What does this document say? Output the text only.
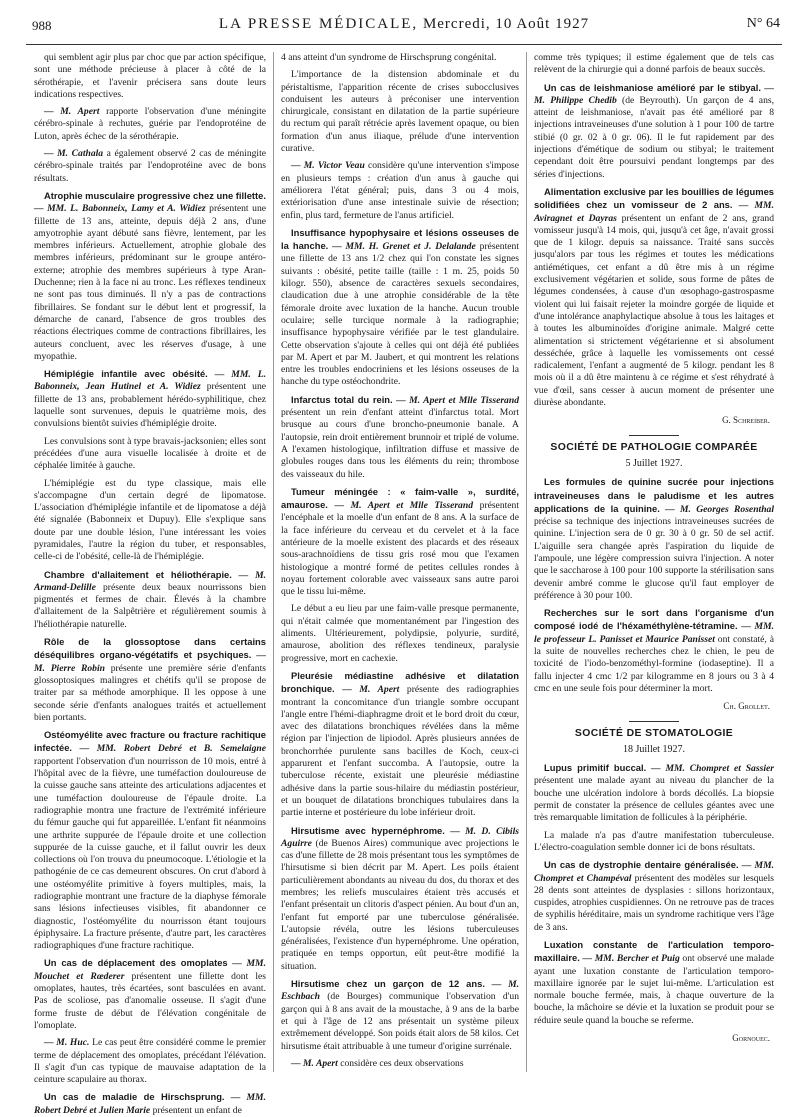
988	LA PRESSE MÉDICALE, Mercredi, 10 Août 1927	N° 64

qui semblent agir plus par choc que par action spécifique, sont une méthode précieuse à placer à côté de la sérothérapie, et l'avenir précisera sans doute leurs indications respectives.

— M. Apert rapporte l'observation d'une méningite cérébro-spinale à rechutes, guérie par l'endoprotéine de Luton, après échec de la sérothérapie.

— M. Cathala a également observé 2 cas de méningite cérébro-spinale traités par l'endoprotéine avec de bons résultats.

Atrophie musculaire progressive chez une fillette. — MM. L. Babonneix, Lamy et A. Widiez présentent une fillette de 13 ans, atteinte, depuis déjà 2 ans, d'une amyotrophie ayant débuté sans fièvre, lentement, par les membres inférieurs. Actuellement, atrophie globale des membres inférieurs, prédominant sur le groupe antéro-externe; atrophie des membres supérieurs à type Aran-Duchenne; rien à la face ni au tronc. Les réflexes tendineux ne sont pas tous diminués. Il n'y a pas de contractions fibrillaires. Se fondant sur le début lent et progressif, la démarche de canard, l'absence de gros troubles des réactions électriques comme de contractions fibrillaires, les auteurs concluent, avec les réserves d'usage, à une myopathie.

Hémiplégie infantile avec obésité. — MM. L. Babonneix, Jean Hutinel et A. Widiez présentent une fillette de 13 ans, probablement hérédo-syphilitique, chez laquelle sont survenues, depuis le quatrième mois, des convulsions bientôt suivies d'hémiplégie droite.

Les convulsions sont à type bravais-jacksonien; elles sont précédées d'une aura visuelle localisée à droite et de céphalée limitée à gauche.

L'hémiplégie est du type classique, mais elle s'accompagne d'un certain degré de lipomatose. L'association d'hémiplégie infantile et de lipomatose a déjà été signalée (Babonneix et Dupuy). Elle s'explique sans doute par une double lésion, l'une intéressant les voies pyramidales, l'autre la région du tuber, et responsables, celle-ci de l'obésité, celle-là de l'hémiplégie.

Chambre d'allaitement et héliothérapie. — M. Armand-Delille présente deux beaux nourrissons bien pigmentés et fermes de chair. Élevés à la chambre d'allaitement de la Salpêtrière et régulièrement soumis à l'héliothérapie naturelle.

Rôle de la glossoptose dans certains déséquilibres organo-végétatifs et psychiques. — M. Pierre Robin présente une première série d'enfants glossoptosiques malingres et chétifs qu'il se propose de traiter par sa méthode amorphique. Il les oppose à une seconde série d'enfants analogues traités et actuellement bien portants.

Ostéomyélite avec fracture ou fracture rachitique infectée. — MM. Robert Debré et B. Semelaigne rapportent l'observation d'un nourrisson de 10 mois, entré à l'hôpital avec de la fièvre, une tuméfaction douloureuse de la cuisse gauche sans atteinte des articulations adjacentes et une tuméfaction douloureuse de l'épaule droite. La radiographie montra une fracture de l'extrémité inférieure du fémur gauche qui fut appareillée. L'enfant fit néanmoins une arthrite suppurée de l'épaule droite et une collection suppurée de la cuisse gauche, et il fallut ouvrir les deux collections où l'on trouva du pneumocoque. L'étiologie et la pathogénie de ce cas demeurent obscures. On crut d'abord à une ostéomyélite primitive à foyers multiples, mais, la radiographie montrant une fracture de la diaphyse fémorale sans lésions infectieuses visibles, fit abandonner ce diagnostic, l'ostéomyélite du nourrisson étant toujours épiphysaire. La fracture présente, d'autre part, les caractères radiographiques d'une fracture rachitique.

Un cas de déplacement des omoplates — MM. Mouchet et Rœderer présentent une fillette dont les omoplates, hautes, très écartées, sont basculées en avant. Pas de scoliose, pas d'anomalie osseuse. Il s'agit d'une forme fruste de début de l'élévation congénitale de l'omoplate.

— M. Huc. Le cas peut être considéré comme le premier terme de déplacement des omoplates, précédant l'élévation. Il s'agit d'un cas typique de mauvaise adaptation de la ceinture scapulaire au thorax.

Un cas de maladie de Hirschsprung. — MM. Robert Debré et Julien Marie présentent un enfant de

4 ans atteint d'un syndrome de Hirschsprung congénital.

L'importance de la distension abdominale et du péristaltisme, l'apparition récente de crises subocclusives conduisent les auteurs à préconiser une intervention chirurgicale, consistant en dilatation de la partie supérieure du rectum qui paraît rétrécie après lavement opaque, ou bien formation d'un anus iliaque, prélude d'une intervention curative.

— M. Victor Veau considère qu'une intervention s'impose en plusieurs temps : création d'un anus à gauche qui améliorera l'état général; puis, dans 3 ou 4 mois, extériorisation d'une anse intestinale suivie de résection; enfin, plus tard, fermeture de l'anus artificiel.

Insuffisance hypophysaire et lésions osseuses de la hanche. — MM. H. Grenet et J. Delalande présentent une fillette de 13 ans 1/2 chez qui l'on constate les signes suivants : obésité, petite taille (taille : 1 m. 25, poids 50 kilogr. 550), absence de caractères sexuels secondaires, claudication due à une atrophie considérable de la tête fémorale droite avec luxation de la hanche. Aucun trouble oculaire; selle turcique normale à la radiographie; insuffisance hypophysaire vérifiée par le test glandulaire. Cette observation s'ajoute à celles qui ont déjà été publiées par M. Apert et par M. Jaubert, et qui montrent les relations entre les troubles endocriniens et les lésions osseuses de la hanche du type ostéochondrite.

Infarctus total du rein. — M. Apert et Mlle Tisserand présentent un rein d'enfant atteint d'infarctus total. Mort brusque au cours d'une broncho-pneumonie banale. A l'autopsie, rein droit entièrement brunnoir et triplé de volume. A l'examen histologique, infiltration diffuse et massive de globules rouges dans tous les éléments du rein; thrombose des vaisseaux du hile.

Tumeur méningée : « faim-valle », surdité, amaurose. — M. Apert et Mlle Tisserand présentent l'encéphale et la moelle d'un enfant de 8 ans. A la surface de la face inférieure du cerveau et du cervelet et à la face antérieure de la moelle existent des placards et des réseaux sous-arachnoïdiens de tissu gris rosé mou que l'examen histologique a montré formé de petites cellules rondes à noyau fortement colorable avec vaisseaux sans autre paroi que le tissu lui-même.

Le début a eu lieu par une faim-valle presque permanente, qui n'était calmée que momentanément par l'ingestion des aliments. Ultérieurement, polydipsie, polyurie, surdité, amaurose, abolition des réflexes tendineux, paralysie progressive, mort en cachexie.

Pleurésie médiastine adhésive et dilatation bronchique. — M. Apert présente des radiographies montrant la concomitance d'un triangle sombre occupant l'angle entre l'hémi-diaphragme droit et le bord droit du cœur, avec des dilatations bronchiques révélées dans la même région par l'injection de lipiodol. Après plusieurs années de bronchorrhée purulente sans bacilles de Koch, ceux-ci apparurent et l'enfant succomba. A l'autopsie, outre la tuberculose récente, existait une pleurésie médiastine adhésive dans la partie sous-hilaire du médiastin postérieur, et un bouquet de dilatations bronchiques tubulaires dans la partie interne et postérieure du lobe inférieur droit.

Hirsutisme avec hypernéphrome. — M. D. Cibils Aguirre (de Buenos Aires) communique avec projections le cas d'une fillette de 28 mois présentant tous les symptômes de l'hirsutisme si bien décrit par M. Apert. Les poils étaient particulièrement abondants au niveau du dos, du thorax et des membres; les reliefs musculaires étaient très accusés et l'enfant présentait un clitoris d'aspect pénien. Au bout d'un an, l'enfant fut emporté par une tuberculose généralisée. L'autopsie révéla, outre les lésions tuberculeuses généralisées, l'existence d'un hypernéphrome. Une opération, pratiquée en temps opportun, eût peut-être modifié la situation.

Hirsutisme chez un garçon de 12 ans. — M. Eschbach (de Bourges) communique l'observation d'un garçon qui à 8 ans avait de la moustache, à 9 ans de la barbe et qui à l'âge de 12 ans présentait un système pileux extrêmement développé. Son poids était alors de 58 kilos. Cet hirsutisme était attribuable à une tumeur d'origine surrénale.

— M. Apert considère ces deux observations

comme très typiques; il estime également que de tels cas relèvent de la chirurgie qui a donné parfois de beaux succès.

Un cas de leishmaniose amélioré par le stibyal. — M. Philippe Chedib (de Beyrouth). Un garçon de 4 ans, atteint de leishmaniose, n'avait pas été amélioré par 8 injections intraveineuses d'une solution à 1 pour 100 de tartre stibié (0 gr. 02 à 0 gr. 06). Il le fut rapidement par des injections d'émétique de sodium ou stibyal; le traitement cependant doit être poursuivi pendant longtemps par des séries d'injections.

Alimentation exclusive par les bouillies de légumes solidifiées chez un vomisseur de 2 ans. — MM. Aviragnet et Dayras présentent un enfant de 2 ans, grand vomisseur jusqu'à 14 mois, qui, jusqu'à cet âge, n'avait grossi que de 1 kilogr. depuis sa naissance. Traité sans succès jusqu'alors par tous les régimes et toutes les médications antiémétiques, cet enfant a dû être mis à un régime exclusivement végétarien et solide, sous forme de pâtes de légumes condensées, à cause d'un œsophago-gastrospasme violent qui lui faisait rejeter la moindre gorgée de liquide et d'une intolérance anaphylactique absolue à tous les laitages et à toutes les albuminoïdes d'origine animale. Malgré cette alimentation si strictement végétarienne et si absolument desséchée, grâce à laquelle les vomissements ont cessé radicalement, l'enfant a augmenté de 5 kilogr. pendant les 8 mois où il a dû être maintenu à ce régime et s'est réhydraté à vue d'œil, sans cesser à aucun moment de présenter une diurèse abondante.

G. Schreiber.

SOCIÉTÉ DE PATHOLOGIE COMPARÉE
5 Juillet 1927.

Les formules de quinine sucrée pour injections intraveineuses dans le paludisme et les autres applications de la quinine. — M. Georges Rosenthal précise sa technique des injections intraveineuses sucrées de quinine. L'injection sera de 0 gr. 30 à 0 gr. 50 de sel actif. L'aiguille sera changée après l'aspiration du liquide de l'ampoule, une légère compression suivra l'injection. A noter que le saccharose à 100 pour 100 supporte la stérilisation sans devenir ambré comme le glucose qu'il faut employer de préférence à 30 pour 100.

Recherches sur le sort dans l'organisme d'un composé iodé de l'héxaméthylène-tétramine. — MM. le professeur L. Panisset et Maurice Panisset ont constaté, à la suite de nouvelles recherches chez le chien, le peu de toxicité de l'iodo-benzométhyl-formine (iodaseptine). Il a fallu injecter 4 cmc 1/2 par kilogramme en 8 jours ou 3 à 4 cmc en une seule fois pour déterminer la mort.

Ch. Grollet.

SOCIÉTÉ DE STOMATOLOGIE
18 Juillet 1927.

Lupus primitif buccal. — MM. Chompret et Sassier présentent une malade ayant au niveau du plancher de la bouche une ulcération indolore à bords décollés. La biopsie permit de constater la présence de cellules géantes avec une très remarquable limitation de follicules à la périphérie.

La malade n'a pas d'autre manifestation tuberculeuse. L'électro-coagulation semble donner ici de bons résultats.

Un cas de dystrophie dentaire généralisée. — MM. Chompret et Champéval présentent des modèles sur lesquels 28 dents sont atteintes de dysplasies : sillons horizontaux, cuspides, atrophies cuspidiennes. On ne retrouve pas de traces de syphilis héréditaire, mais un syndrome rachitique vers l'âge de 3 ans.

Luxation constante de l'articulation temporo-maxillaire. — MM. Bercher et Puig ont observé une malade ayant une luxation constante de l'articulation temporo-maxillaire ignorée par le sujet lui-même. L'articulation est normale bouche fermée, mais, à chaque ouverture de la bouche, la mâchoire se dévie et la luxation se produit pour se réduire seule quand la bouche se referme.

Gornouec.
